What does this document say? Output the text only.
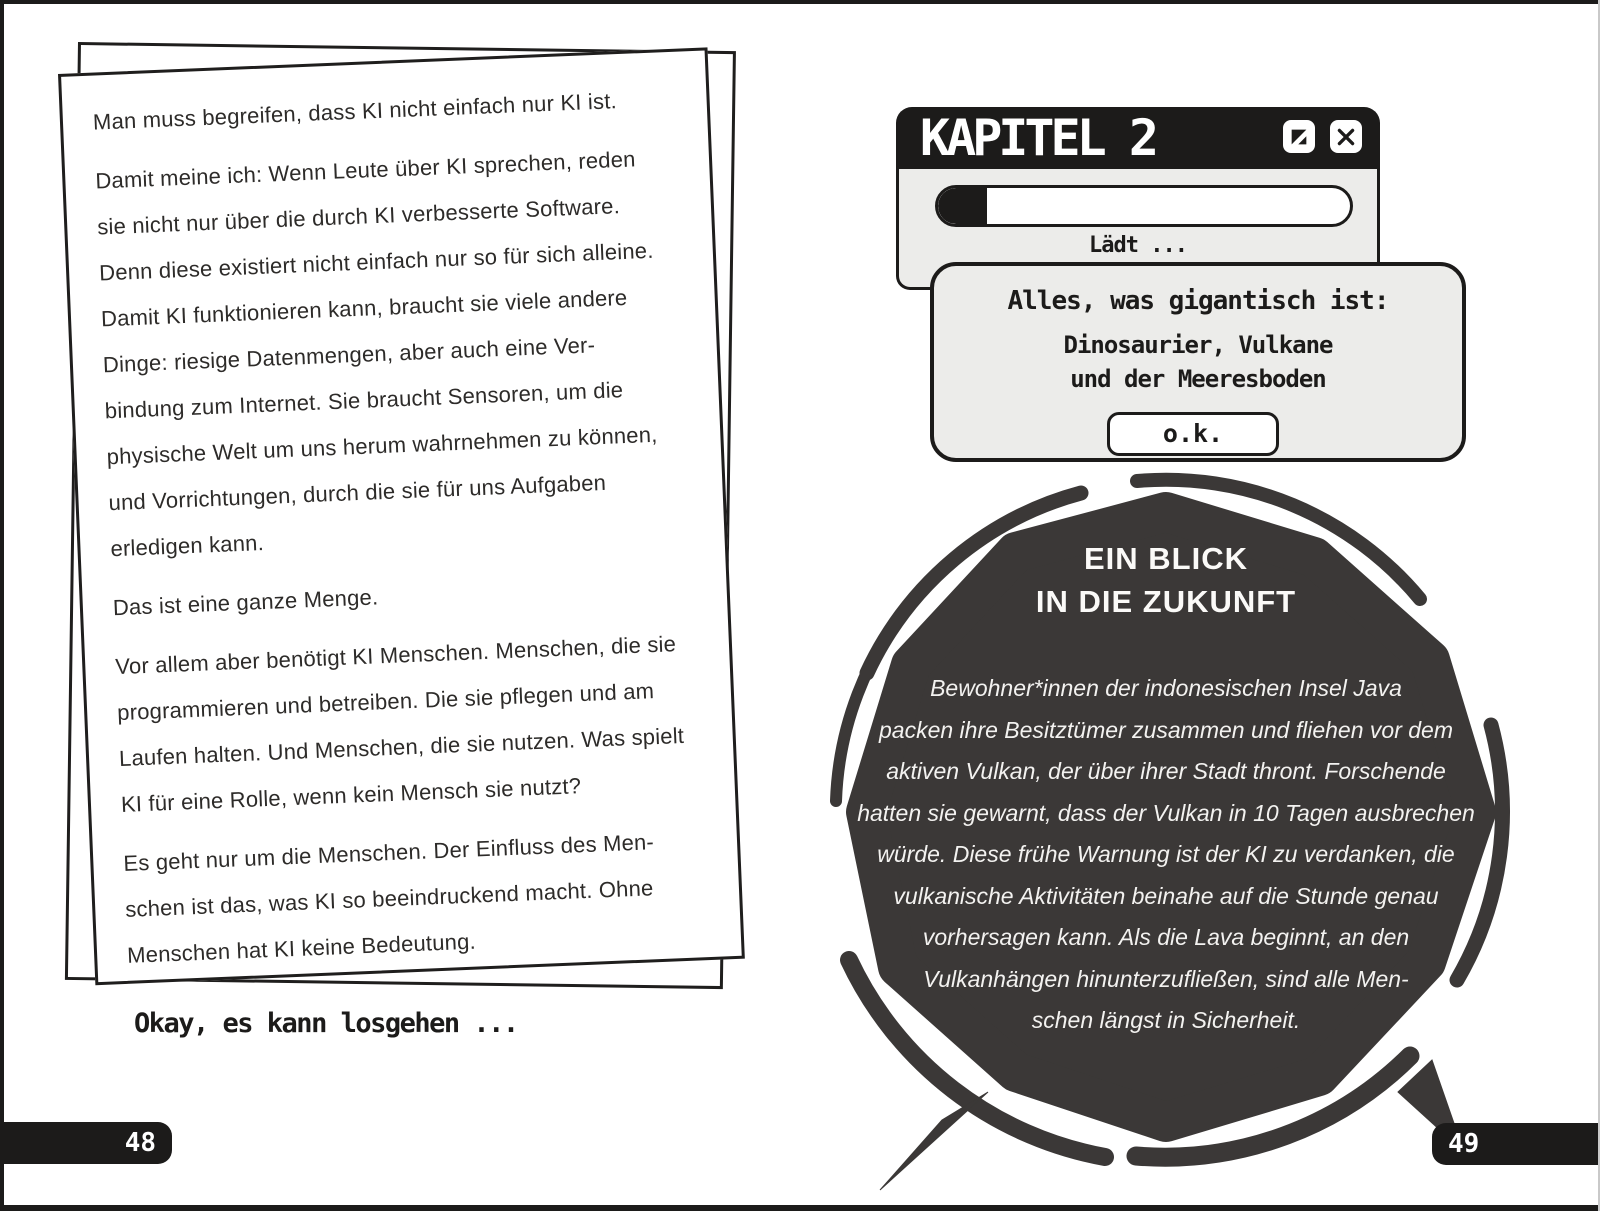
Man muss begreifen, dass KI nicht einfach nur KI ist.
Damit meine ich: Wenn Leute über KI sprechen, reden
sie nicht nur über die durch KI verbesserte Software.
Denn diese existiert nicht einfach nur so für sich alleine.
Damit KI funktionieren kann, braucht sie viele andere
Dinge: riesige Datenmengen, aber auch eine Ver-
bindung zum Internet. Sie braucht Sensoren, um die
physische Welt um uns herum wahrnehmen zu können,
und Vorrichtungen, durch die sie für uns Aufgaben
erledigen kann.
Das ist eine ganze Menge.
Vor allem aber benötigt KI Menschen. Menschen, die sie
programmieren und betreiben. Die sie pflegen und am
Laufen halten. Und Menschen, die sie nutzen. Was spielt
KI für eine Rolle, wenn kein Mensch sie nutzt?
Es geht nur um die Menschen. Der Einfluss des Men-
schen ist das, was KI so beeindruckend macht. Ohne
Menschen hat KI keine Bedeutung.
Okay, es kann losgehen ...
48
EIN BLICK
IN DIE ZUKUNFT
Bewohner*innen der indonesischen Insel Java
packen ihre Besitztümer zusammen und fliehen vor dem
aktiven Vulkan, der über ihrer Stadt thront. Forschende
hatten sie gewarnt, dass der Vulkan in 10 Tagen ausbrechen
würde. Diese frühe Warnung ist der KI zu verdanken, die
vulkanische Aktivitäten beinahe auf die Stunde genau
vorhersagen kann. Als die Lava beginnt, an den
Vulkanhängen hinunterzufließen, sind alle Men-
schen längst in Sicherheit.
Lädt ...
KAPITEL 2
Alles, was gigantisch ist:
Dinosaurier, Vulkane
und der Meeresboden
o.k.
49
